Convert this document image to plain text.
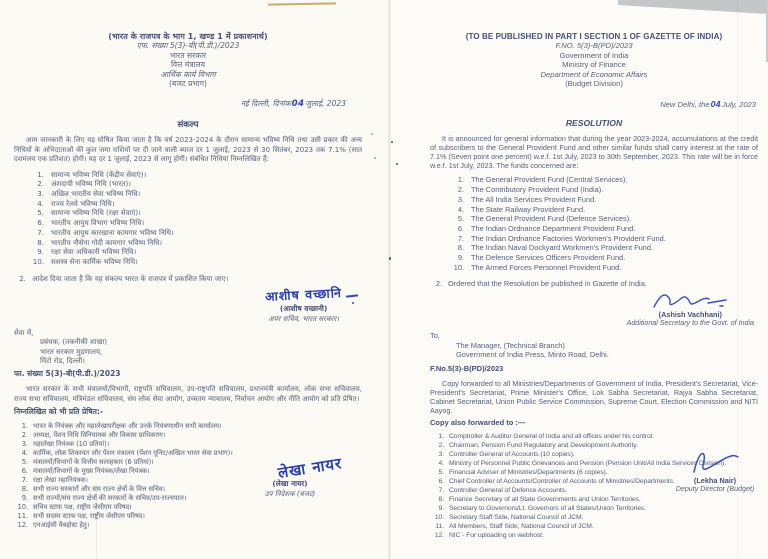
(भारत के राजपत्र के भाग 1, खण्ड 1 में प्रकाशनार्थ)
एफ. संख्या 5(3)-बी(पी.डी.)/2023
भारत सरकार
वित्त मंत्रालय
आर्थिक कार्य विभाग
(बजट प्रभाग)
नई दिल्ली, दिनांक04जुलाई, 2023
संकल्प

आम जानकारी के लिए यह घोषित किया जाता है कि वर्ष 2023-2024 के दौरान सामान्य भविष्य निधि तथा उसी प्रकार की अन्य निधियों के अभिदाताओं की कुल जमा राशियों पर दी जाने वाली ब्याज दर 1 जुलाई, 2023 से 30 सितंबर, 2023 तक 7.1% (सात दशमलव एक प्रतिशत) होगी। यह दर 1 जुलाई, 2023 से लागू होगी। संबंधित निधियां निम्नलिखित हैं:

1. सामान्य भविष्य निधि (केंद्रीय सेवाएं)।
2. अंशदायी भविष्य निधि (भारत)।
3. अखिल भारतीय सेवा भविष्य निधि।
4. राज्य रेलवे भविष्य निधि।
5. सामान्य भविष्य निधि (रक्षा सेवाएं)।
6. भारतीय आयुध विभाग भविष्य निधि।
7. भारतीय आयुध कारखाना कामगार भविष्य निधि।
8. भारतीय नौसेना गोदी कामगार भविष्य निधि।
9. रक्षा सेवा अधिकारी भविष्य निधि।
10. सशस्त्र सेना कार्मिक भविष्य निधि।
2. आदेश दिया जाता है कि यह संकल्प भारत के राजपत्र में प्रकाशित किया जाए।
आशीष वच्छानि
(आशीष वच्छानी)
अपर सचिव, भारत सरकार।
सेवा में,
प्रबंधक, (तकनीकी शाखा)
भारत सरकार मुद्रणालय,
मिंटो रोड, दिल्ली।
फा. संख्या 5(3)-बी(पी.डी.)/2023

भारत सरकार के सभी मंत्रालयों/विभागों, राष्ट्रपति सचिवालय, उप-राष्ट्रपति सचिवालय, प्रधानमंत्री कार्यालय, लोक सभा सचिवालय, राज्य सभा सचिवालय, मंत्रिमंडल सचिवालय, संघ लोक सेवा आयोग, उच्चतम न्यायालय, निर्वाचन आयोग और नीति आयोग को प्रति प्रेषित।

निम्नलिखित को भी प्रति प्रेषित:-
1. भारत के नियंत्रक और महालेखापरीक्षक और उनके नियंत्रणाधीन सभी कार्यालय।
2. अध्यक्ष, पेंशन निधि विनियामक और विकास प्राधिकरण।
3. महालेखा नियंत्रक (10 प्रतियां)।
4. कार्मिक, लोक शिकायत और पेंशन मंत्रालय (पेंशन यूनिट/अखिल भारत सेवा प्रभाग)।
5. मंत्रालयों/विभागों के वित्तीय सलाहकार (6 प्रतियां)।
6. मंत्रालयों/विभागों के मुख्य नियंत्रक/लेखा नियंत्रक।
7. रक्षा लेखा महानियंत्रक।
8. सभी राज्य सरकारों और संघ राज्य क्षेत्रों के वित्त सचिव।
9. सभी राज्यों/संघ राज्य क्षेत्रों की सरकारों के सचिव/उप-राज्यपाल।
10. सचिव स्टाफ पक्ष, राष्ट्रीय जेसीएम परिषद।
11. सभी सदस्य स्टाफ पक्ष, राष्ट्रीय जेसीएम परिषद।
12. एनआईसी वैबहोस्ट हेतु।
लेखा नायर
(लेखा नायर)
उप निदेशक (बजट)
(TO BE PUBLISHED IN PART I SECTION 1 OF GAZETTE OF INDIA)
F.NO. 5(3)-B(PD)/2023
Government of India
Ministry of Finance
Department of Economic Affairs
(Budget Division)
New Delhi, the04July, 2023
RESOLUTION

It is announced for general information that during the year 2023-2024, accumulations at the credit of subscribers to the General Provident Fund and other similar funds shall carry interest at the rate of 7.1% (Seven point one percent) w.e.f. 1st July, 2023 to 30th September, 2023. This rate will be in force w.e.f. 1st July, 2023. The funds concerned are:

1. The General Provident Fund (Central Services).
2. The Contributory Provident Fund (India).
3. The All India Services Provident Fund.
4. The State Railway Provident Fund.
5. The General Provident Fund (Defence Services).
6. The Indian Ordnance Department Provident Fund.
7. The Indian Ordnance Factories Workmen's Provident Fund.
8. The Indian Naval Dockyard Workmen's Provident Fund.
9. The Defence Services Officers Provident Fund.
10. The Armed Forces Personnel Provident Fund.
2. Ordered that the Resolution be published in Gazette of India.
(Ashish Vachhani)
Additional Secretary to the Govt. of India
To,
The Manager, (Technical Branch)
Government of India Press, Minto Road, Delhi.
F.No.5(3)-B(PD)/2023

Copy forwarded to all Ministries/Departments of Government of India, President's Secretariat, Vice-President's Secretariat, Prime Minister's Office, Lok Sabha Secretariat, Rajya Sabha Secretariat, Cabinet Secretariat, Union Public Service Commission, Supreme Court, Election Commission and NITI Aayog.

Copy also forwarded to :—
1. Comptroller & Auditor General of India and all offices under his control.
2. Chairman, Pension Fund Regulatory and Development Authority.
3. Controller General of Accounts (10 copies).
4. Ministry of Personnel Public Grievances and Pension (Pension Unit/All India Services Division).
5. Financial Adviser of Ministries/Departments (6 copies).
6. Chief Controller of Accounts/Controller of Accounts of Ministries/Departments.
7. Controller General of Defence Accounts.
8. Finance Secretary of all State Governments and Union Territories.
9. Secretary to Governors/Lt. Governors of all States/Union Territories.
10. Secretary Staff Side, National Council of JCM.
11. All Members, Staff Side, National Council of JCM.
12. NIC - For uploading on webhost.
(Lekha Nair)
Deputy Director (Budget)
